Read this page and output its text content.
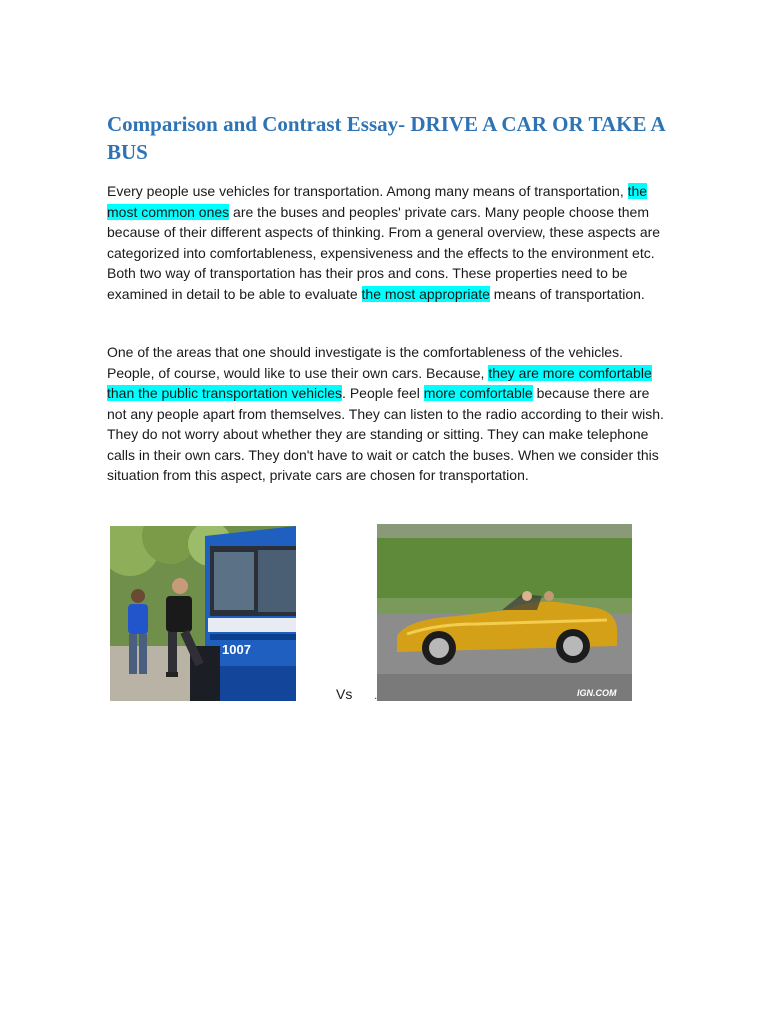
Comparison and Contrast Essay- DRIVE A CAR OR TAKE A BUS

Every people use vehicles for transportation. Among many means of transportation, the most common ones are the buses and peoples' private cars. Many people choose them because of their different aspects of thinking. From a general overview, these aspects are categorized into comfortableness, expensiveness and the effects to the environment etc. Both two way of transportation has their pros and cons. These properties need to be examined in detail to be able to evaluate the most appropriate means of transportation.

One of the areas that one should investigate is the comfortableness of the vehicles. People, of course, would like to use their own cars. Because, they are more comfortable than the public transportation vehicles. People feel more comfortable because there are not any people apart from themselves. They can listen to the radio according to their wish. They do not worry about whether they are standing or sitting. They can make telephone calls in their own cars. They don't have to wait or catch the buses. When we consider this situation from this aspect, private cars are chosen for transportation.

1007
IGN.COM
Vs .
